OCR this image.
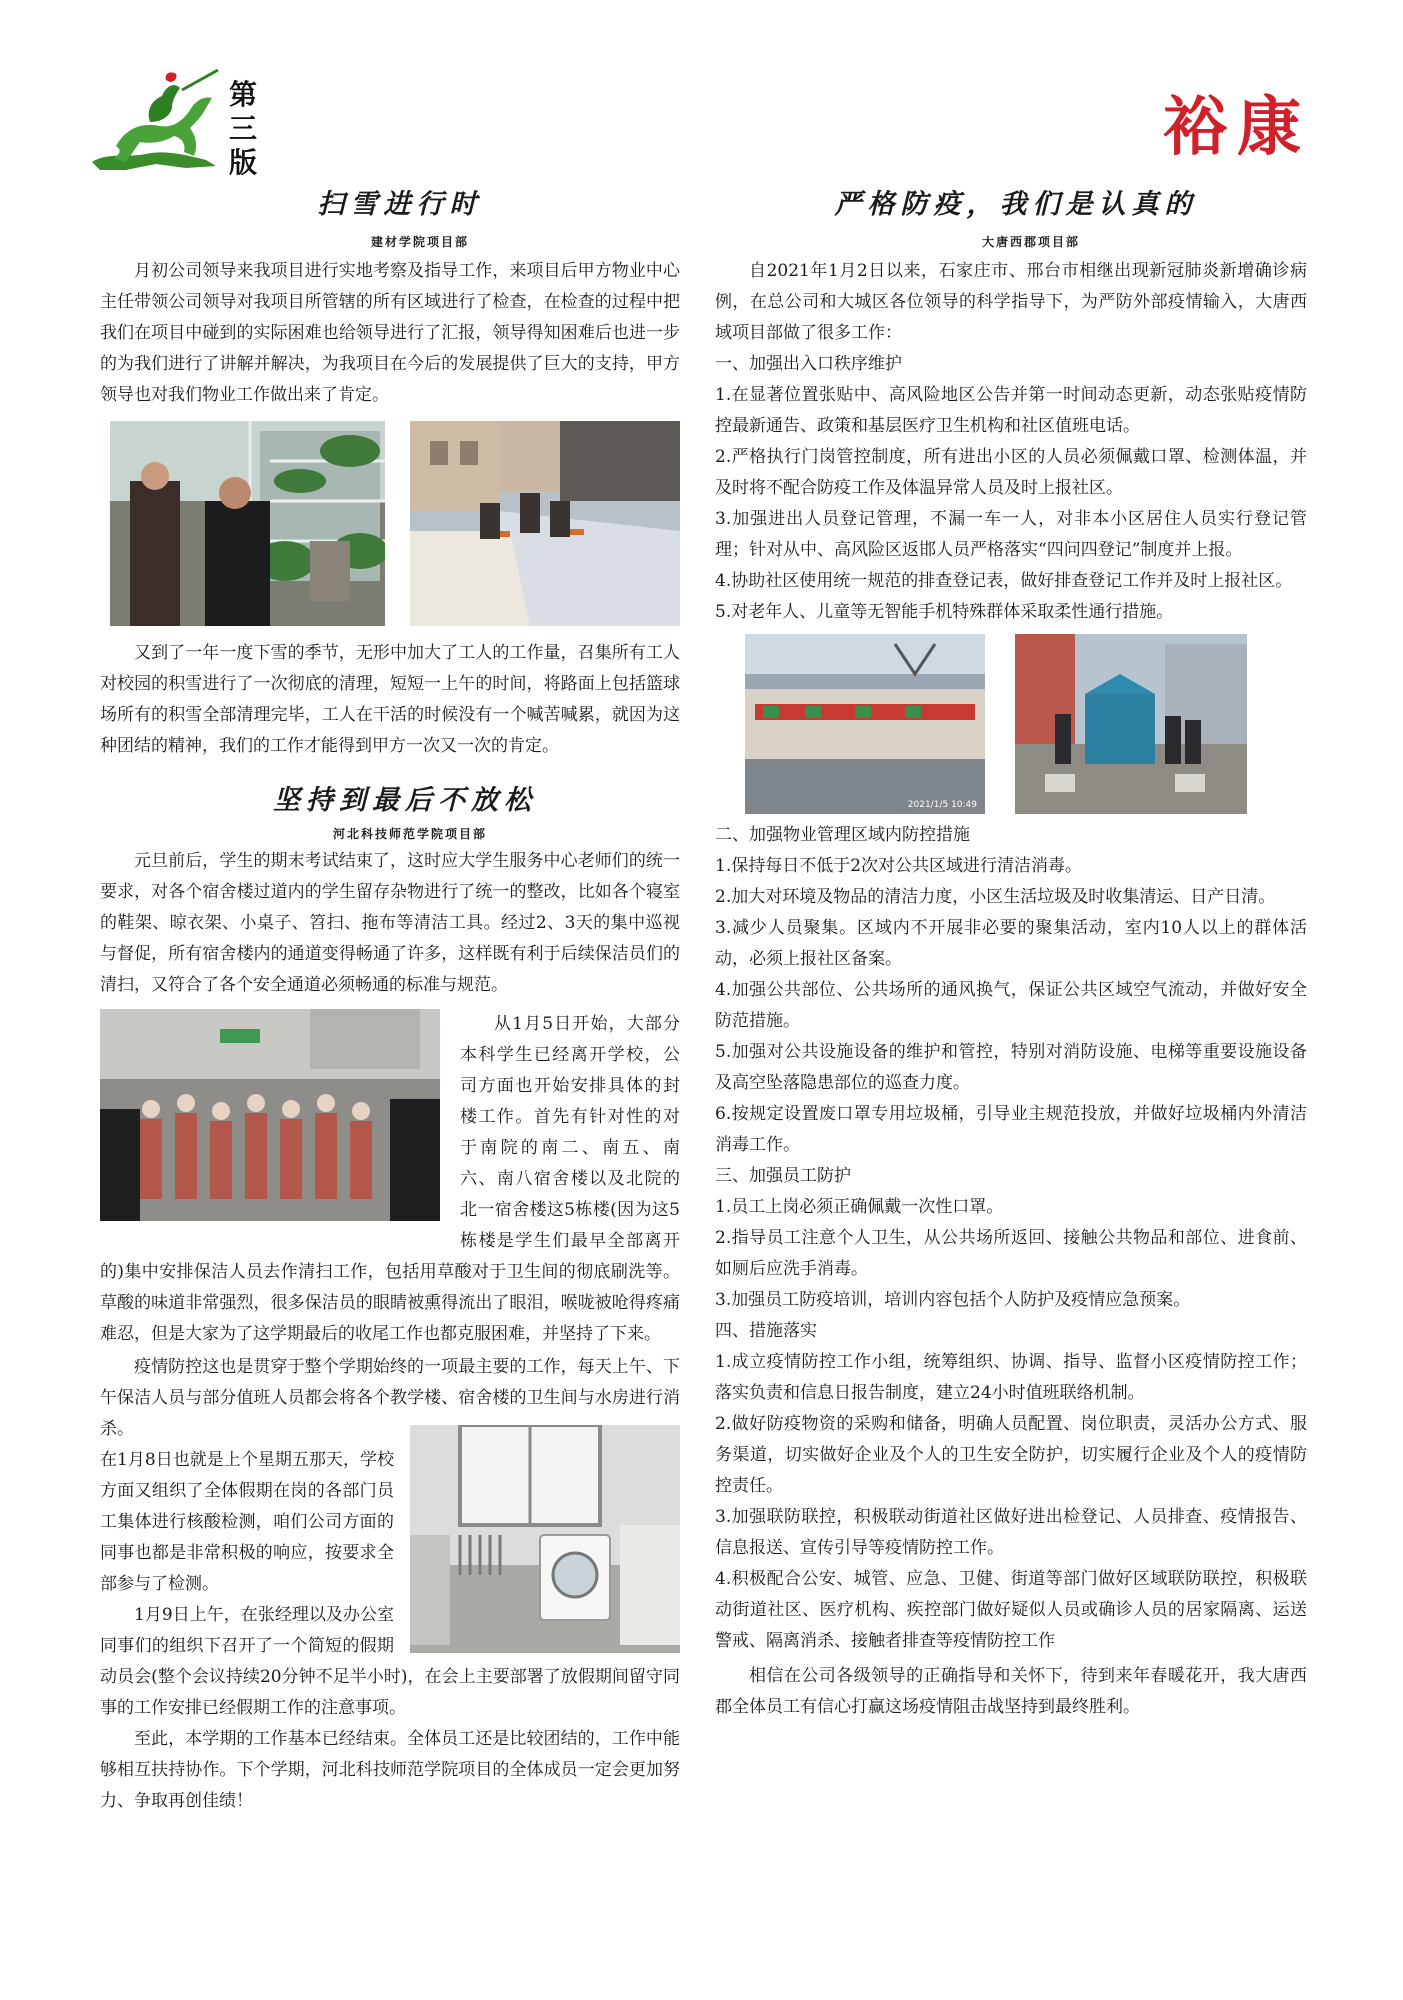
第三版	裕康

扫雪进行时

建材学院项目部

月初公司领导来我项目进行实地考察及指导工作，来项目后甲方物业中心主任带领公司领导对我项目所管辖的所有区域进行了检查，在检查的过程中把我们在项目中碰到的实际困难也给领导进行了汇报，领导得知困难后也进一步的为我们进行了讲解并解决，为我项目在今后的发展提供了巨大的支持，甲方领导也对我们物业工作做出来了肯定。

又到了一年一度下雪的季节，无形中加大了工人的工作量，召集所有工人对校园的积雪进行了一次彻底的清理，短短一上午的时间，将路面上包括篮球场所有的积雪全部清理完毕，工人在干活的时候没有一个喊苦喊累，就因为这种团结的精神，我们的工作才能得到甲方一次又一次的肯定。

坚持到最后不放松

河北科技师范学院项目部

元旦前后，学生的期末考试结束了，这时应大学生服务中心老师们的统一要求，对各个宿舍楼过道内的学生留存杂物进行了统一的整改，比如各个寝室的鞋架、晾衣架、小桌子、笤扫、拖布等清洁工具。经过2、3天的集中巡视与督促，所有宿舍楼内的通道变得畅通了许多，这样既有利于后续保洁员们的清扫，又符合了各个安全通道必须畅通的标准与规范。

从1月5日开始，大部分本科学生已经离开学校，公司方面也开始安排具体的封楼工作。首先有针对性的对于南院的南二、南五、南六、南八宿舍楼以及北院的北一宿舍楼这5栋楼(因为这5栋楼是学生们最早全部离开的)集中安排保洁人员去作清扫工作，包括用草酸对于卫生间的彻底刷洗等。草酸的味道非常强烈，很多保洁员的眼睛被熏得流出了眼泪，喉咙被呛得疼痛难忍，但是大家为了这学期最后的收尾工作也都克服困难，并坚持了下来。

疫情防控这也是贯穿于整个学期始终的一项最主要的工作，每天上午、下午保洁人员与部分值班人员都会将各个教学楼、宿舍楼的卫生间与水房进行消杀。

在1月8日也就是上个星期五那天，学校方面又组织了全体假期在岗的各部门员工集体进行核酸检测，咱们公司方面的同事也都是非常积极的响应，按要求全部参与了检测。

1月9日上午，在张经理以及办公室同事们的组织下召开了一个简短的假期动员会(整个会议持续20分钟不足半小时)，在会上主要部署了放假期间留守同事的工作安排已经假期工作的注意事项。

至此，本学期的工作基本已经结束。全体员工还是比较团结的，工作中能够相互扶持协作。下个学期，河北科技师范学院项目的全体成员一定会更加努力、争取再创佳绩！

严格防疫，我们是认真的

大唐西郡项目部

自2021年1月2日以来，石家庄市、邢台市相继出现新冠肺炎新增确诊病例，在总公司和大城区各位领导的科学指导下，为严防外部疫情输入，大唐西域项目部做了很多工作：

一、加强出入口秩序维护

1.在显著位置张贴中、高风险地区公告并第一时间动态更新，动态张贴疫情防控最新通告、政策和基层医疗卫生机构和社区值班电话。

2.严格执行门岗管控制度，所有进出小区的人员必须佩戴口罩、检测体温，并及时将不配合防疫工作及体温异常人员及时上报社区。

3.加强进出人员登记管理，不漏一车一人，对非本小区居住人员实行登记管理；针对从中、高风险区返邯人员严格落实“四问四登记”制度并上报。

4.协助社区使用统一规范的排查登记表，做好排查登记工作并及时上报社区。

5.对老年人、儿童等无智能手机特殊群体采取柔性通行措施。

2021/1/5 10:49

二、加强物业管理区域内防控措施

1.保持每日不低于2次对公共区域进行清洁消毒。

2.加大对环境及物品的清洁力度，小区生活垃圾及时收集清运、日产日清。

3.减少人员聚集。区域内不开展非必要的聚集活动，室内10人以上的群体活动，必须上报社区备案。

4.加强公共部位、公共场所的通风换气，保证公共区域空气流动，并做好安全防范措施。

5.加强对公共设施设备的维护和管控，特别对消防设施、电梯等重要设施设备及高空坠落隐患部位的巡查力度。

6.按规定设置废口罩专用垃圾桶，引导业主规范投放，并做好垃圾桶内外清洁消毒工作。

三、加强员工防护

1.员工上岗必须正确佩戴一次性口罩。

2.指导员工注意个人卫生，从公共场所返回、接触公共物品和部位、进食前、如厕后应洗手消毒。

3.加强员工防疫培训，培训内容包括个人防护及疫情应急预案。

四、措施落实

1.成立疫情防控工作小组，统筹组织、协调、指导、监督小区疫情防控工作；落实负责和信息日报告制度，建立24小时值班联络机制。

2.做好防疫物资的采购和储备，明确人员配置、岗位职责，灵活办公方式、服务渠道，切实做好企业及个人的卫生安全防护，切实履行企业及个人的疫情防控责任。

3.加强联防联控，积极联动街道社区做好进出检登记、人员排查、疫情报告、信息报送、宣传引导等疫情防控工作。

4.积极配合公安、城管、应急、卫健、街道等部门做好区域联防联控，积极联动街道社区、医疗机构、疾控部门做好疑似人员或确诊人员的居家隔离、运送警戒、隔离消杀、接触者排查等疫情防控工作

相信在公司各级领导的正确指导和关怀下，待到来年春暖花开，我大唐西郡全体员工有信心打赢这场疫情阻击战坚持到最终胜利。
